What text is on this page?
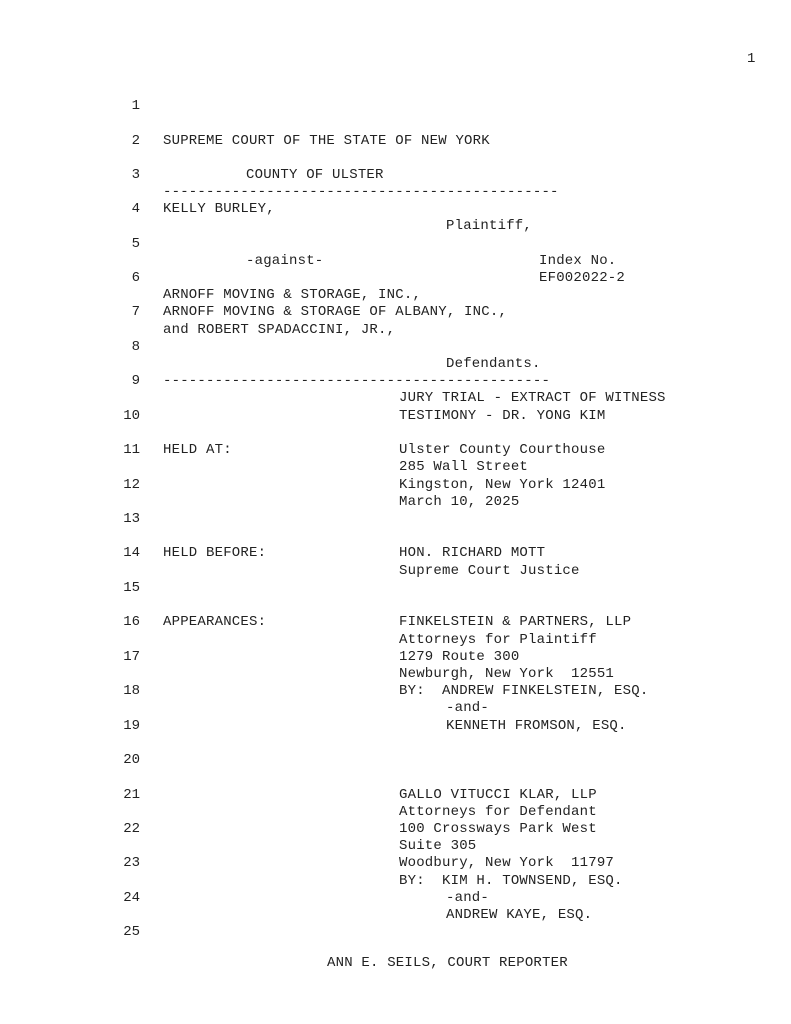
1
1
2
3
4
5
6
7
8
9
10
11
12
13
14
15
16
17
18
19
20
21
22
23
24
25
SUPREME COURT OF THE STATE OF NEW YORK
COUNTY OF ULSTER
----------------------------------------------
KELLY BURLEY,
Plaintiff,
-against-	Index No.
EF002022-2
ARNOFF MOVING & STORAGE, INC.,
ARNOFF MOVING & STORAGE OF ALBANY, INC.,
and ROBERT SPADACCINI, JR.,
Defendants.
---------------------------------------------
JURY TRIAL - EXTRACT OF WITNESS
TESTIMONY - DR. YONG KIM
HELD AT:	Ulster County Courthouse
285 Wall Street
Kingston, New York 12401
March 10, 2025
HELD BEFORE:	HON. RICHARD MOTT
Supreme Court Justice
APPEARANCES:	FINKELSTEIN & PARTNERS, LLP
Attorneys for Plaintiff
1279 Route 300
Newburgh, New York  12551
BY:  ANDREW FINKELSTEIN, ESQ.
-and-
KENNETH FROMSON, ESQ.
GALLO VITUCCI KLAR, LLP
Attorneys for Defendant
100 Crossways Park West
Suite 305
Woodbury, New York  11797
BY:  KIM H. TOWNSEND, ESQ.
-and-
ANDREW KAYE, ESQ.
ANN E. SEILS, COURT REPORTER
